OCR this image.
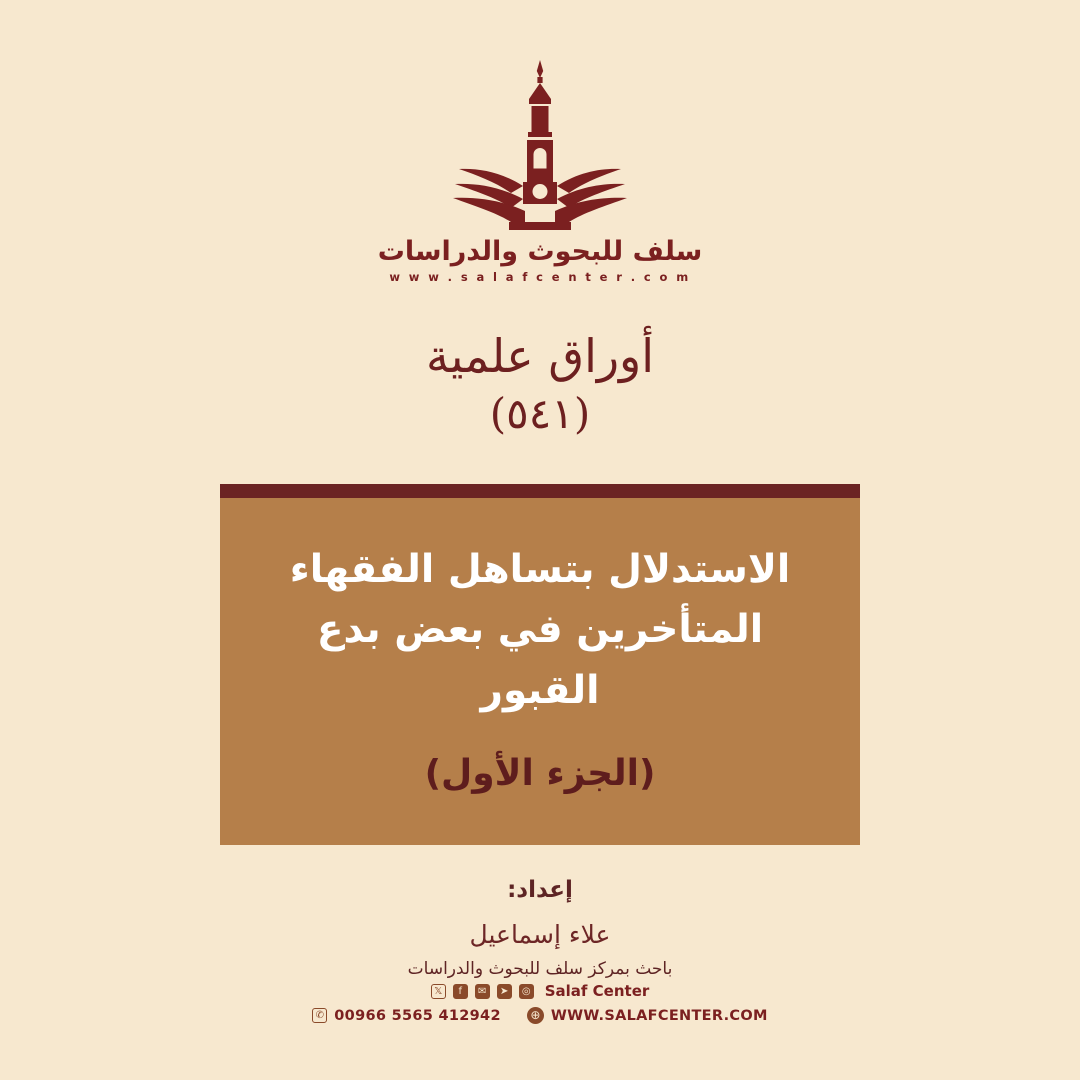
سلف للبحوث والدراسات
w w w . s a l a f c e n t e r . c o m
أوراق علمية
(٥٤١)
الاستدلال بتساهل الفقهاء المتأخرين في بعض بدع القبور
(الجزء الأول)
إعداد:
علاء إسماعيل
باحث بمركز سلف للبحوث والدراسات
𝕏	f	✉	➤	◎ Salaf Center
✆ 00966 5565 412942 ⊕ WWW.SALAFCENTER.COM
